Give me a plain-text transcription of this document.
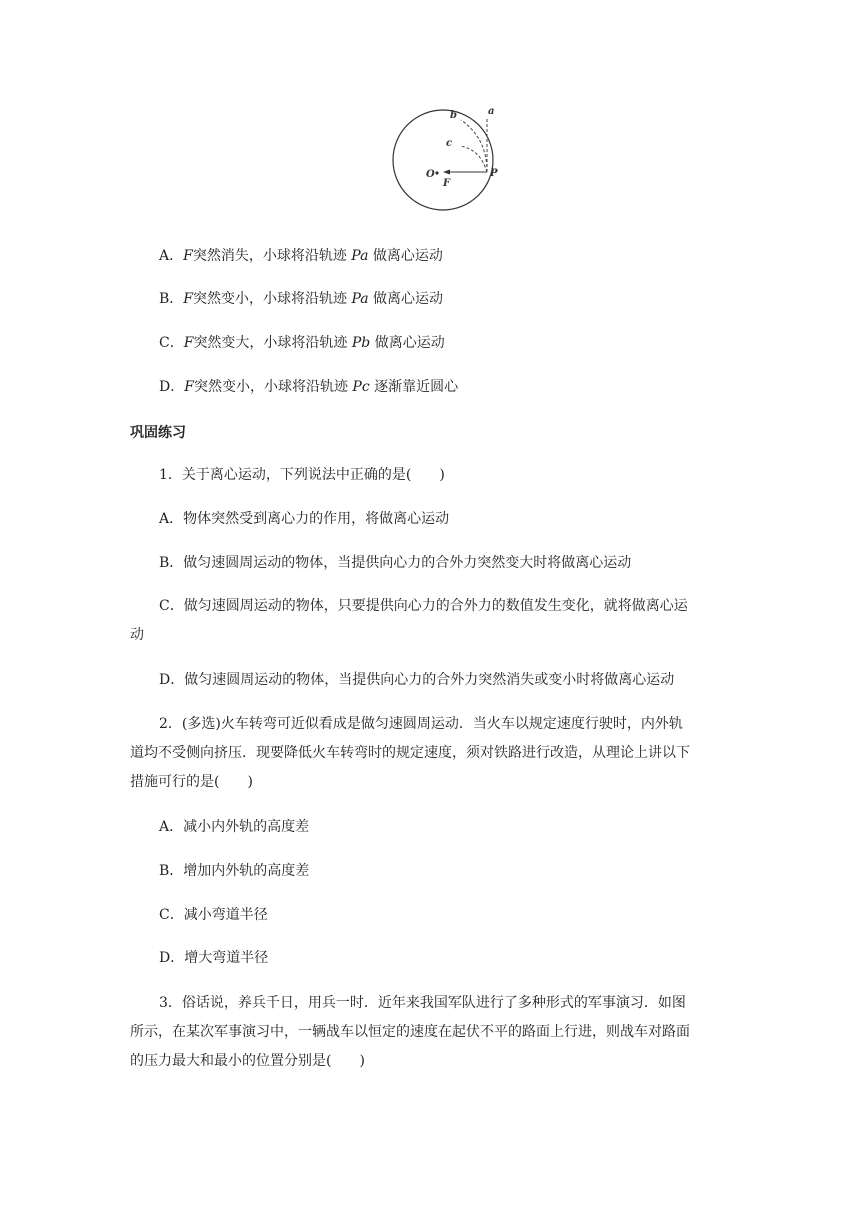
a
b
c
O
F
P
A．F突然消失，小球将沿轨迹 Pa 做离心运动
B．F突然变小，小球将沿轨迹 Pa 做离心运动
C．F突然变大，小球将沿轨迹 Pb 做离心运动
D．F突然变小，小球将沿轨迹 Pc 逐渐靠近圆心
巩固练习
1．关于离心运动，下列说法中正确的是(　　)
A．物体突然受到离心力的作用，将做离心运动
B．做匀速圆周运动的物体，当提供向心力的合外力突然变大时将做离心运动
C．做匀速圆周运动的物体，只要提供向心力的合外力的数值发生变化，就将做离心运
动
D．做匀速圆周运动的物体，当提供向心力的合外力突然消失或变小时将做离心运动
2．(多选)火车转弯可近似看成是做匀速圆周运动．当火车以规定速度行驶时，内外轨
道均不受侧向挤压．现要降低火车转弯时的规定速度，须对铁路进行改造，从理论上讲以下
措施可行的是(　　)
A．减小内外轨的高度差
B．增加内外轨的高度差
C．减小弯道半径
D．增大弯道半径
3．俗话说，养兵千日，用兵一时．近年来我国军队进行了多种形式的军事演习．如图
所示，在某次军事演习中，一辆战车以恒定的速度在起伏不平的路面上行进，则战车对路面
的压力最大和最小的位置分别是(　　)
